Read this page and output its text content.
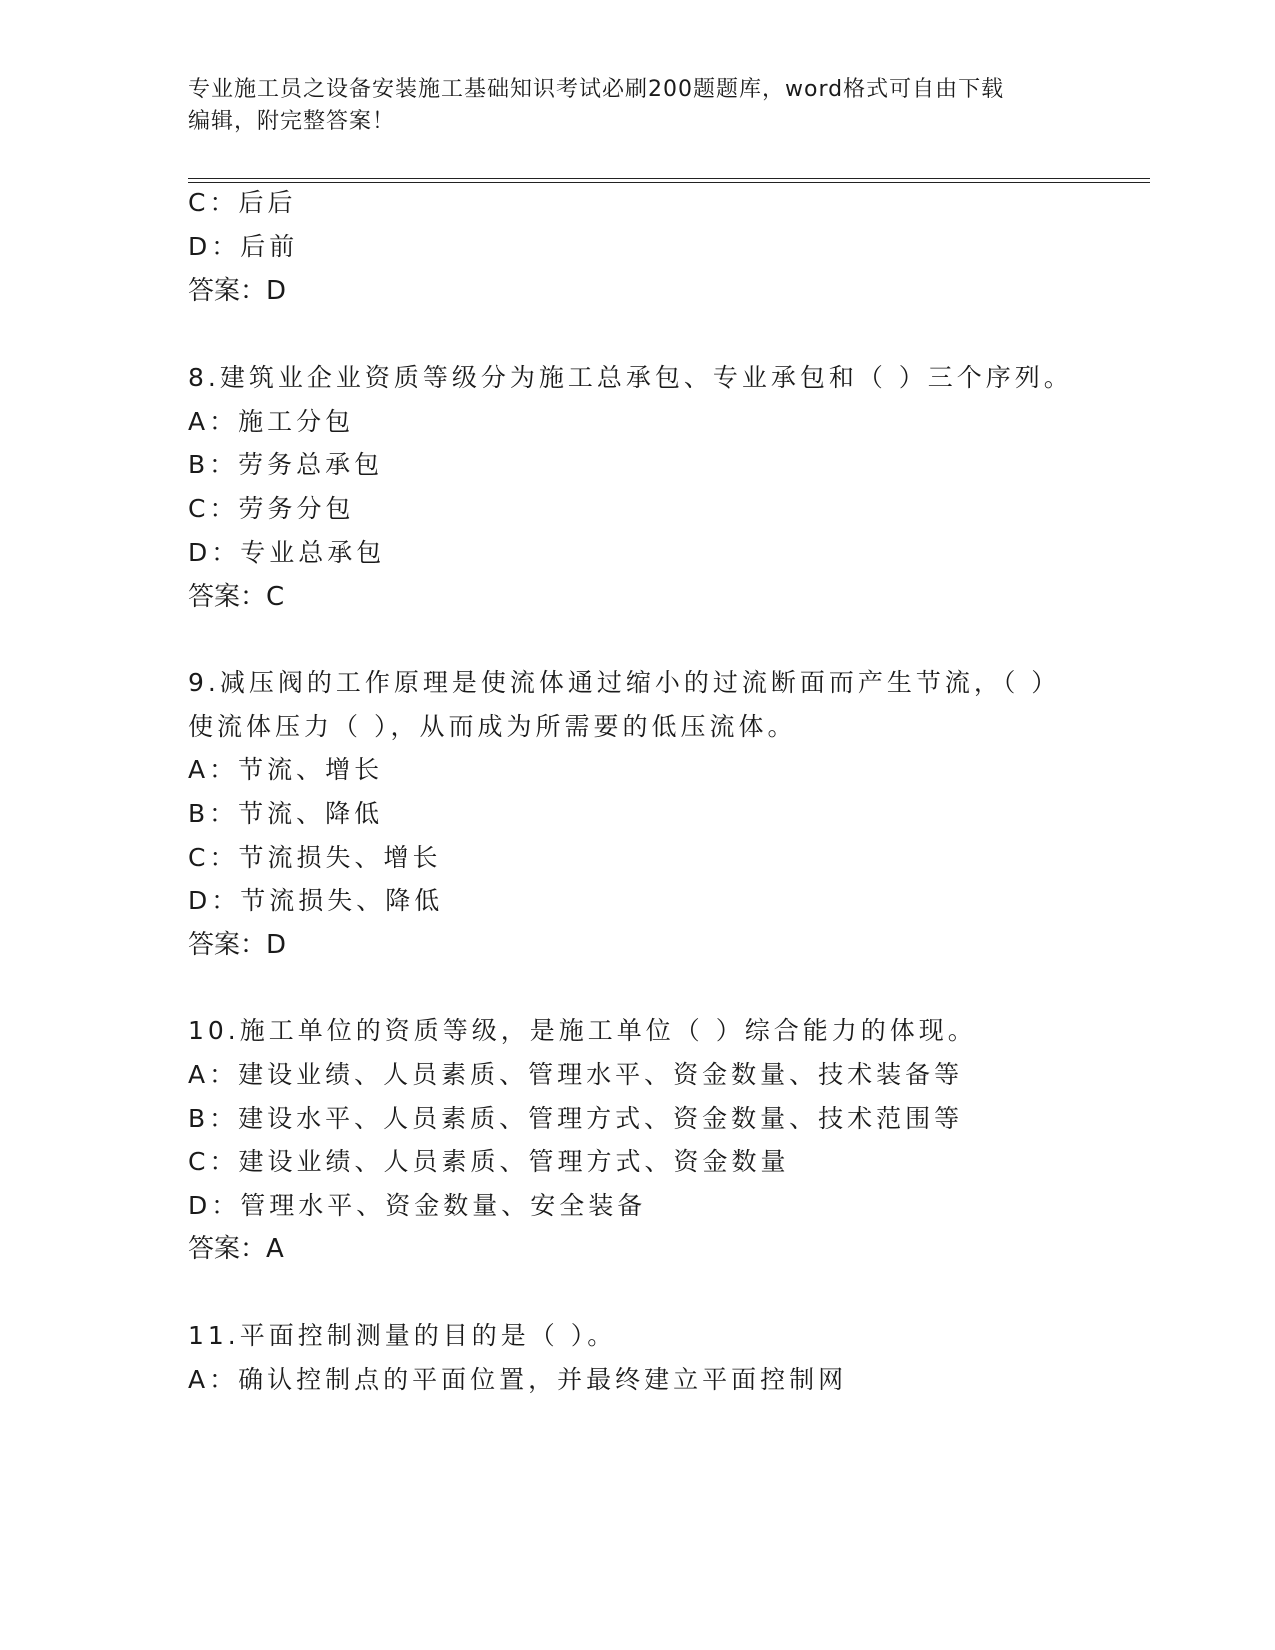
专业施工员之设备安装施工基础知识考试必刷200题题库，word格式可自由下载
编辑，附完整答案！
C：后后
D：后前
答案：D
8.建筑业企业资质等级分为施工总承包、专业承包和（ ）三个序列。
A：施工分包
B：劳务总承包
C：劳务分包
D：专业总承包
答案：C
9.减压阀的工作原理是使流体通过缩小的过流断面而产生节流，（ ）
使流体压力（ ），从而成为所需要的低压流体。
A：节流、增长
B：节流、降低
C：节流损失、增长
D：节流损失、降低
答案：D
10.施工单位的资质等级，是施工单位（ ）综合能力的体现。
A：建设业绩、人员素质、管理水平、资金数量、技术装备等
B：建设水平、人员素质、管理方式、资金数量、技术范围等
C：建设业绩、人员素质、管理方式、资金数量
D：管理水平、资金数量、安全装备
答案：A
11.平面控制测量的目的是（ ）。
A：确认控制点的平面位置，并最终建立平面控制网
